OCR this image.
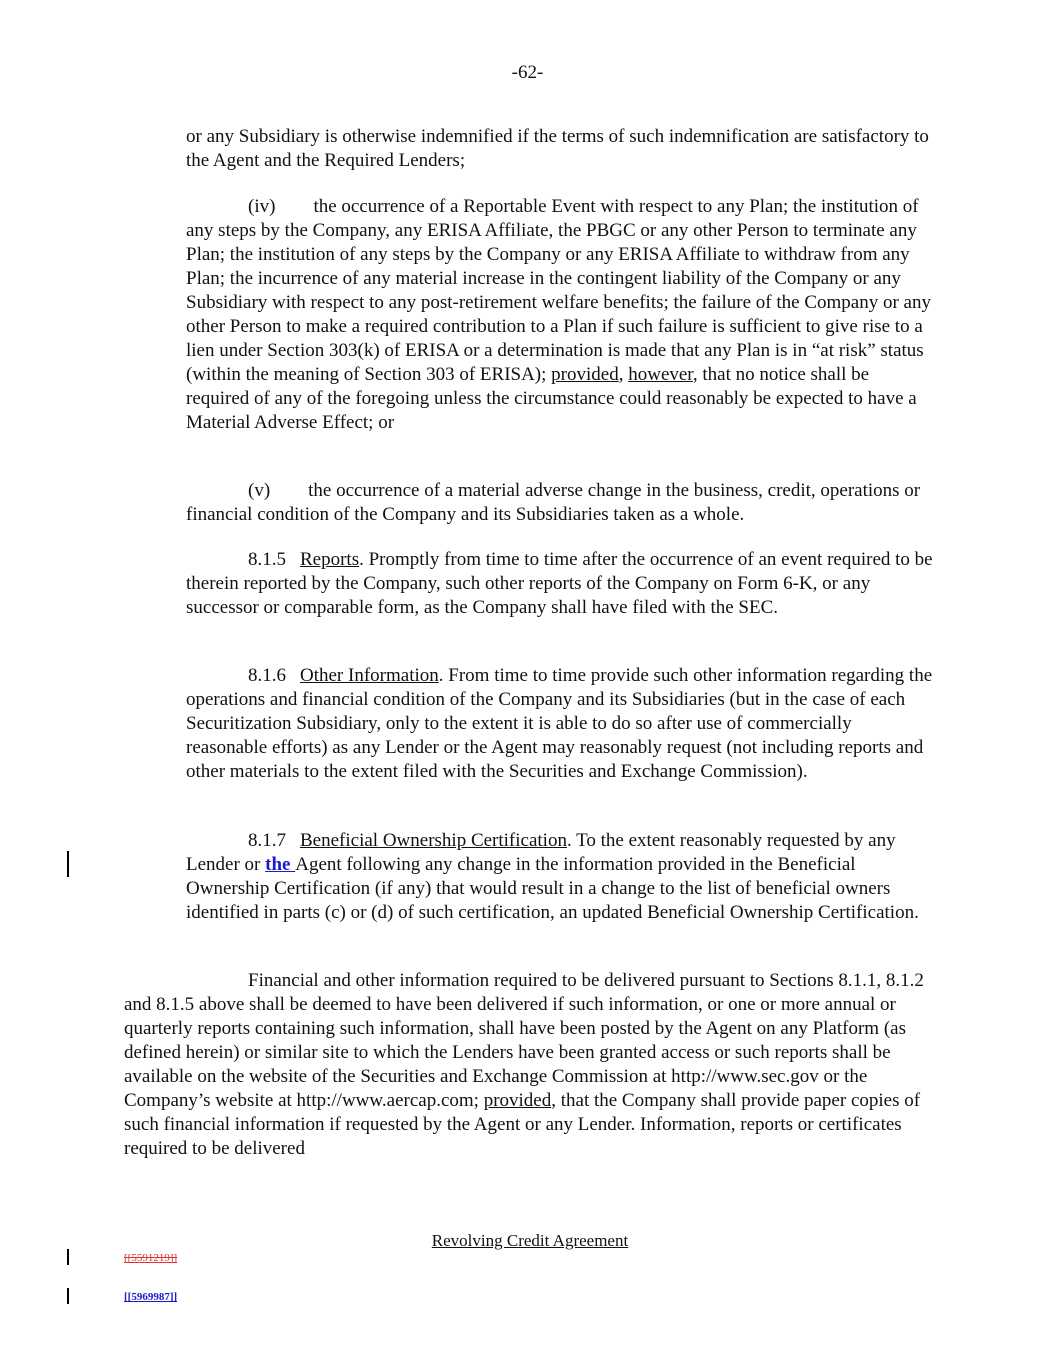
-62-

or any Subsidiary is otherwise indemnified if the terms of such indemnification are satisfactory to the Agent and the Required Lenders;

(iv) the occurrence of a Reportable Event with respect to any Plan; the institution of any steps by the Company, any ERISA Affiliate, the PBGC or any other Person to terminate any Plan; the institution of any steps by the Company or any ERISA Affiliate to withdraw from any Plan; the incurrence of any material increase in the contingent liability of the Company or any Subsidiary with respect to any post-retirement welfare benefits; the failure of the Company or any other Person to make a required contribution to a Plan if such failure is sufficient to give rise to a lien under Section 303(k) of ERISA or a determination is made that any Plan is in “at risk” status (within the meaning of Section 303 of ERISA); provided, however, that no notice shall be required of any of the foregoing unless the circumstance could reasonably be expected to have a Material Adverse Effect; or

(v) the occurrence of a material adverse change in the business, credit, operations or financial condition of the Company and its Subsidiaries taken as a whole.

8.1.5 Reports. Promptly from time to time after the occurrence of an event required to be therein reported by the Company, such other reports of the Company on Form 6-K, or any successor or comparable form, as the Company shall have filed with the SEC.

8.1.6 Other Information. From time to time provide such other information regarding the operations and financial condition of the Company and its Subsidiaries (but in the case of each Securitization Subsidiary, only to the extent it is able to do so after use of commercially reasonable efforts) as any Lender or the Agent may reasonably request (not including reports and other materials to the extent filed with the Securities and Exchange Commission).

8.1.7 Beneficial Ownership Certification. To the extent reasonably requested by any Lender or the Agent following any change in the information provided in the Beneficial Ownership Certification (if any) that would result in a change to the list of beneficial owners identified in parts (c) or (d) of such certification, an updated Beneficial Ownership Certification.

Financial and other information required to be delivered pursuant to Sections 8.1.1, 8.1.2 and 8.1.5 above shall be deemed to have been delivered if such information, or one or more annual or quarterly reports containing such information, shall have been posted by the Agent on any Platform (as defined herein) or similar site to which the Lenders have been granted access or such reports shall be available on the website of the Securities and Exchange Commission at http://www.sec.gov or the Company’s website at http://www.aercap.com; provided, that the Company shall provide paper copies of such financial information if requested by the Agent or any Lender. Information, reports or certificates required to be delivered

Revolving Credit Agreement
[[5591219]]
[[5969987]]
